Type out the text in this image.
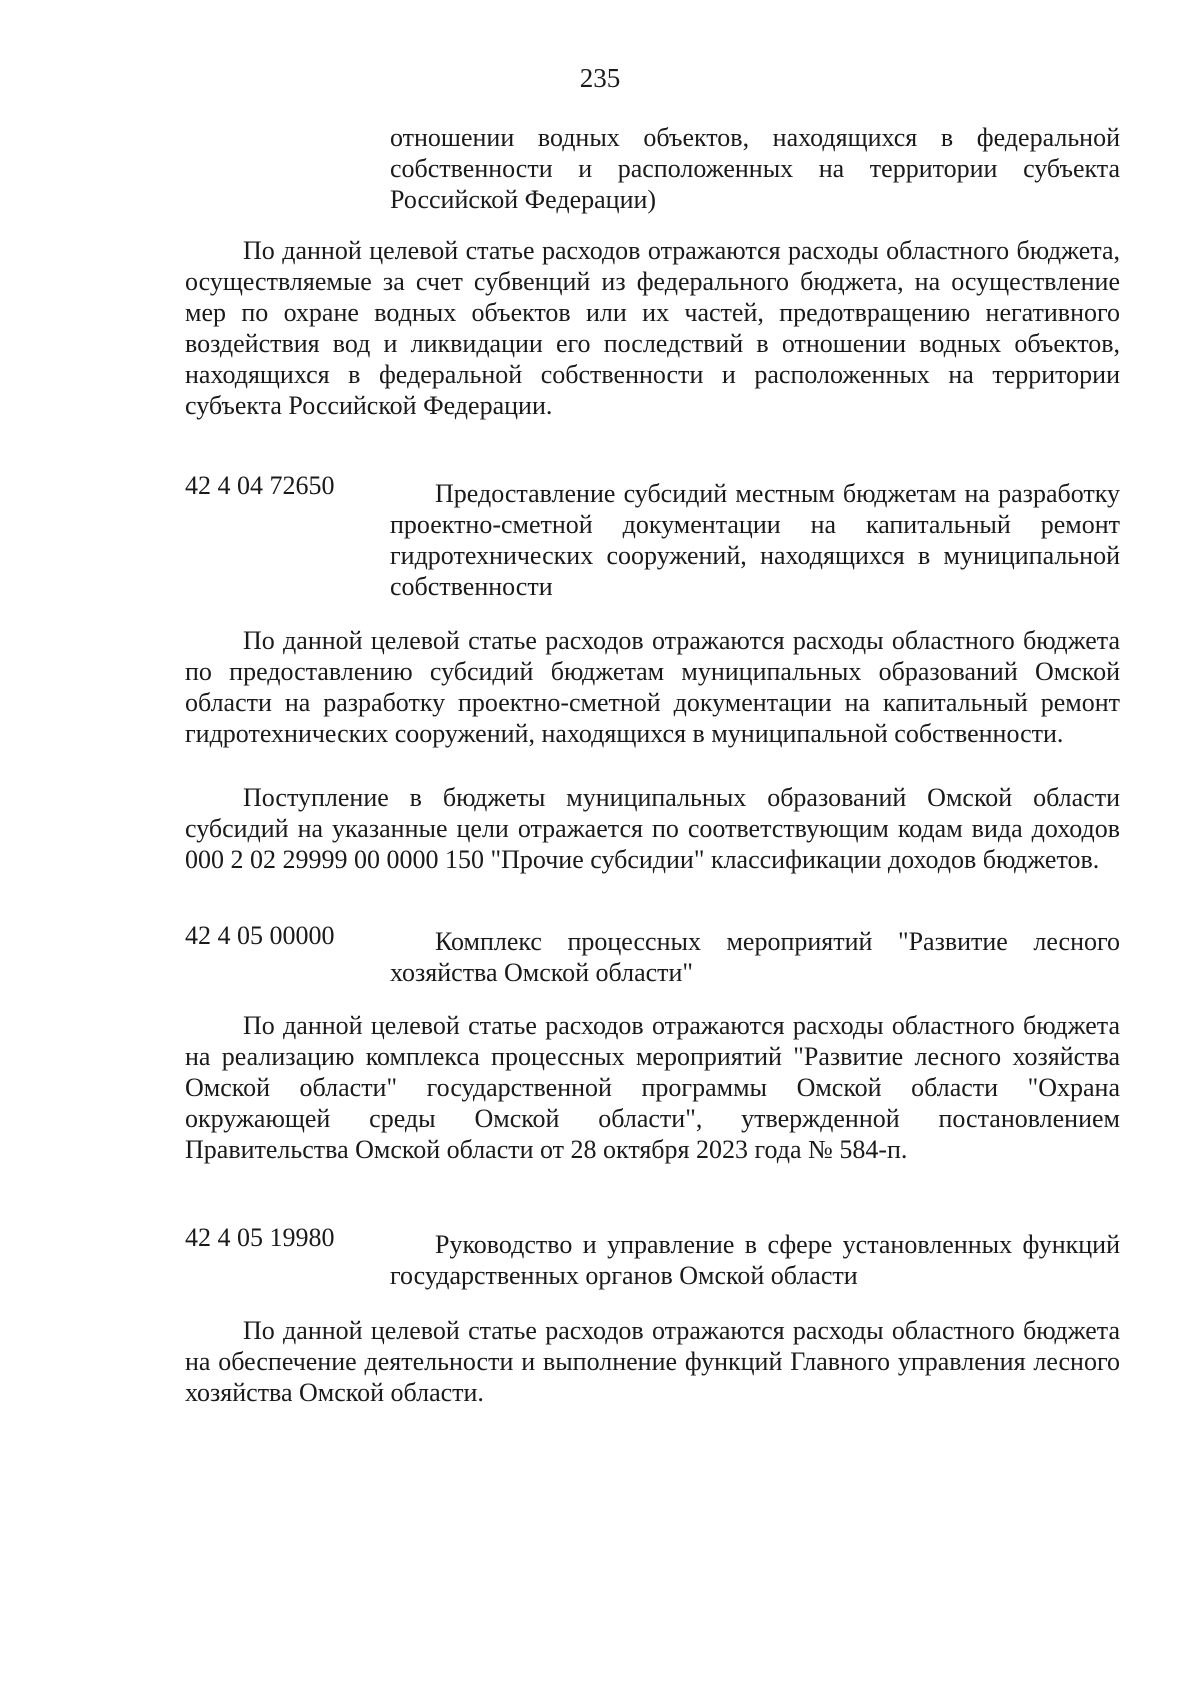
235

отношении водных объектов, находящихся в федеральной собственности и расположенных на территории субъекта Российской Федерации)

По данной целевой статье расходов отражаются расходы областного бюджета, осуществляемые за счет субвенций из федерального бюджета, на осуществление мер по охране водных объектов или их частей, предотвращению негативного воздействия вод и ликвидации его последствий в отношении водных объектов, находящихся в федеральной собственности и расположенных на территории субъекта Российской Федерации.

42 4 04 72650	Предоставление субсидий местным бюджетам на разработку проектно-сметной документации на капитальный ремонт гидротехнических сооружений, находящихся в муниципальной собственности

По данной целевой статье расходов отражаются расходы областного бюджета по предоставлению субсидий бюджетам муниципальных образований Омской области на разработку проектно-сметной документации на капитальный ремонт гидротехнических сооружений, находящихся в муниципальной собственности.

Поступление в бюджеты муниципальных образований Омской области субсидий на указанные цели отражается по соответствующим кодам вида доходов 000 2 02 29999 00 0000 150 "Прочие субсидии" классификации доходов бюджетов.

42 4 05 00000	Комплекс процессных мероприятий "Развитие лесного хозяйства Омской области"

По данной целевой статье расходов отражаются расходы областного бюджета на реализацию комплекса процессных мероприятий "Развитие лесного хозяйства Омской области" государственной программы Омской области "Охрана окружающей среды Омской области", утвержденной постановлением Правительства Омской области от 28 октября 2023 года № 584-п.

42 4 05 19980	Руководство и управление в сфере установленных функций государственных органов Омской области

По данной целевой статье расходов отражаются расходы областного бюджета на обеспечение деятельности и выполнение функций Главного управления лесного хозяйства Омской области.
